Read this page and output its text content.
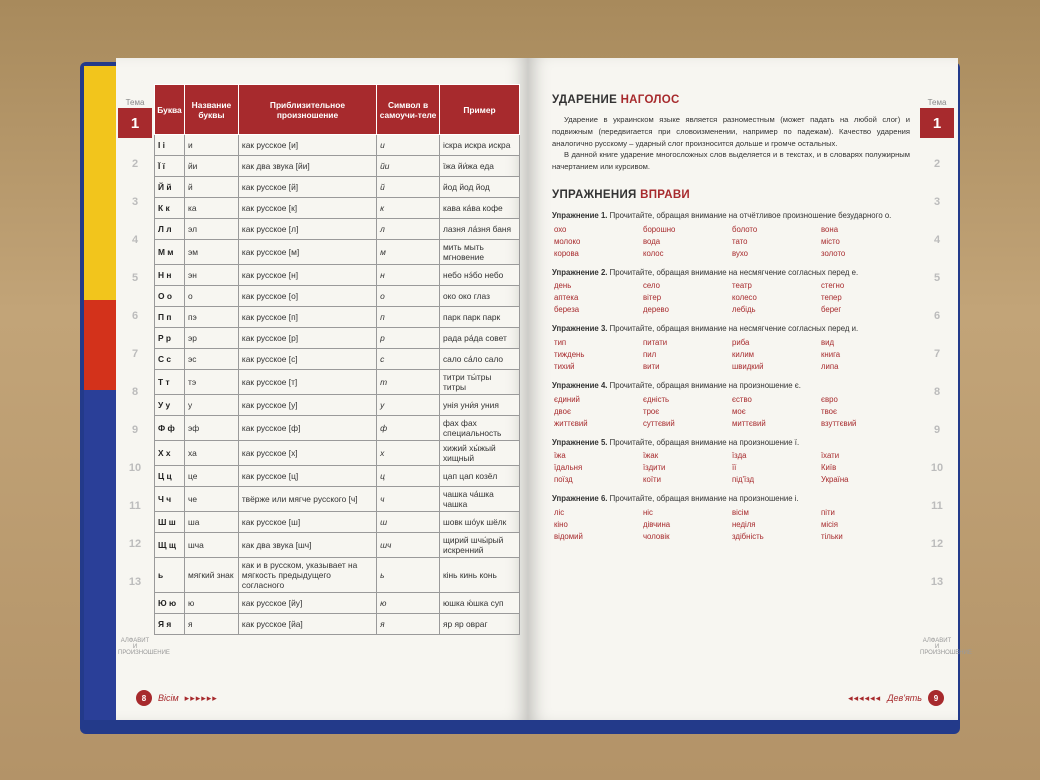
Тема
1
2
3
4
5
6
7
8
9
10
11
12
13
АЛФАВИТ И ПРОИЗНОШЕНИЕ
Буква	Название буквы	Приблизительное произношение	Символ в самоучи-теле	Пример
І і	и	как русское [и]	и	іскра искра искра
Ї ї	йи	как два звука [йи]	йи	їжа йи́жа еда
Й й	й	как русское [й]	й	йод йод йод
К к	ка	как русское [к]	к	кава ка́ва кофе
Л л	эл	как русское [л]	л	лазня ла́зня баня
М м	эм	как русское [м]	м	мить мыть мгновение
Н н	эн	как русское [н]	н	небо нэ́бо небо
О о	о	как русское [о]	о	око око глаз
П п	пэ	как русское [п]	п	парк парк парк
Р р	эр	как русское [р]	р	рада ра́да совет
С с	эс	как русское [с]	с	сало са́ло сало
Т т	тэ	как русское [т]	т	титри ты́тры титры
У у	у	как русское [у]	у	унія уни́я уния
Ф ф	эф	как русское [ф]	ф	фах фах специальность
Х х	ха	как русское [х]	х	хижий хы́жый хищный
Ц ц	це	как русское [ц]	ц	цап цап козёл
Ч ч	че	твёрже или мягче русского [ч]	ч	чашка ча́шка чашка
Ш ш	ша	как русское [ш]	ш	шовк шо́ук шёлк
Щ щ	шча	как два звука [шч]	шч	щирий шчы́рый искренний
ь	мягкий знак	как и в русском, указывает на мягкость предыдущего согласного	ь	кінь кинь конь
Ю ю	ю	как русское [йу]	ю	юшка ю́шка суп
Я я	я	как русское [йа]	я	яр яр овраг
8	Вісім ▸▸▸▸▸▸
Тема
1
2
3
4
5
6
7
8
9
10
11
12
13
АЛФАВИТ И ПРОИЗНОШЕНИЕ
УДАРЕНИЕ НАГОЛОС

Ударение в украинском языке является разноместным (может падать на любой слог) и подвижным (передвигается при словоизменении, например по падежам). Качество ударения аналогично русскому – ударный слог произносится дольше и громче остальных.

В данной книге ударение многосложных слов выделяется и в текстах, и в словарях полужирным начертанием или курсивом.

УПРАЖНЕНИЯ ВПРАВИ
Упражнение 1. Прочитайте, обращая внимание на отчётливое произношение безударного о.
охо	борошно	болото	вона
молоко	вода	тато	місто
корова	колос	вухо	золото
Упражнение 2. Прочитайте, обращая внимание на несмягчение согласных перед е.
день	село	театр	стегно
аптека	вітер	колесо	тепер
береза	дерево	лебідь	берег
Упражнение 3. Прочитайте, обращая внимание на несмягчение согласных перед и.
тип	питати	риба	вид
тиждень	пил	килим	книга
тихий	вити	швидкий	липа
Упражнение 4. Прочитайте, обращая внимание на произношение є.
єдиний	єдність	єство	євро
двоє	троє	моє	твоє
життєвий	суттєвий	миттєвий	взуттєвий
Упражнение 5. Прочитайте, обращая внимание на произношение ї.
їжа	їжак	їзда	їхати
їдальня	їздити	її	Київ
поїзд	коїти	під'їзд	Україна
Упражнение 6. Прочитайте, обращая внимание на произношение і.
ліс	ніс	вісім	піти
кіно	дівчина	неділя	місія
відомий	чоловік	здібність	тільки
◂◂◂◂◂◂ Дев'ять	9
